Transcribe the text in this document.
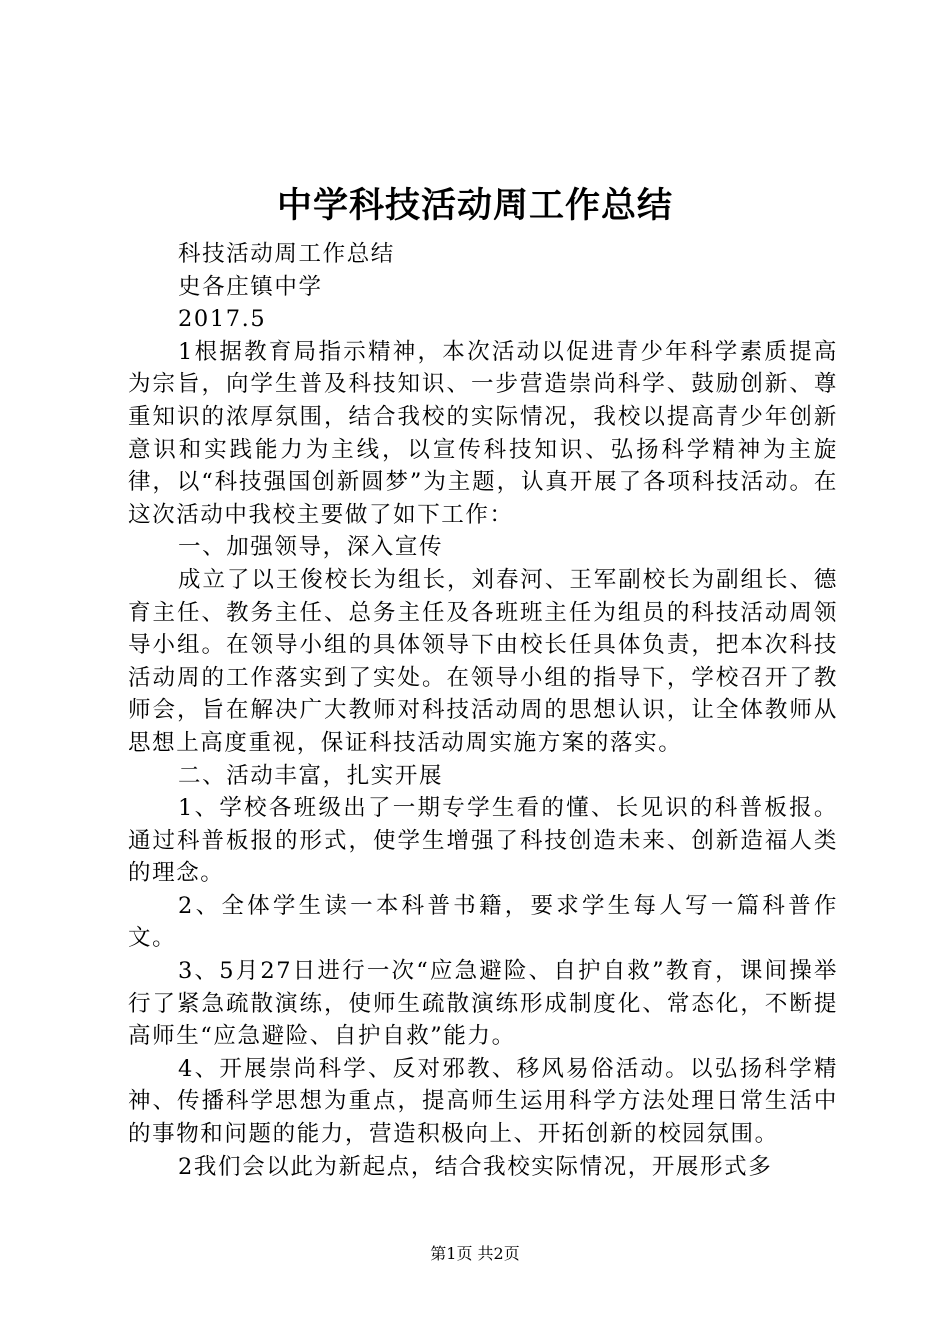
中学科技活动周工作总结

科技活动周工作总结

史各庄镇中学

2017.5

1根据教育局指示精神，本次活动以促进青少年科学素质提高为宗旨，向学生普及科技知识、一步营造崇尚科学、鼓励创新、尊重知识的浓厚氛围，结合我校的实际情况，我校以提高青少年创新意识和实践能力为主线，以宣传科技知识、弘扬科学精神为主旋律，以“科技强国创新圆梦”为主题，认真开展了各项科技活动。在这次活动中我校主要做了如下工作：

一、加强领导，深入宣传

成立了以王俊校长为组长，刘春河、王军副校长为副组长、德育主任、教务主任、总务主任及各班班主任为组员的科技活动周领导小组。在领导小组的具体领导下由校长任具体负责，把本次科技活动周的工作落实到了实处。在领导小组的指导下，学校召开了教师会，旨在解决广大教师对科技活动周的思想认识，让全体教师从思想上高度重视，保证科技活动周实施方案的落实。

二、活动丰富，扎实开展

1、学校各班级出了一期专学生看的懂、长见识的科普板报。通过科普板报的形式，使学生增强了科技创造未来、创新造福人类的理念。

2、全体学生读一本科普书籍，要求学生每人写一篇科普作文。

3、5月27日进行一次“应急避险、自护自救”教育，课间操举行了紧急疏散演练，使师生疏散演练形成制度化、常态化，不断提高师生“应急避险、自护自救”能力。

4、开展崇尚科学、反对邪教、移风易俗活动。以弘扬科学精神、传播科学思想为重点，提高师生运用科学方法处理日常生活中的事物和问题的能力，营造积极向上、开拓创新的校园氛围。

2我们会以此为新起点，结合我校实际情况，开展形式多

第1页 共2页
